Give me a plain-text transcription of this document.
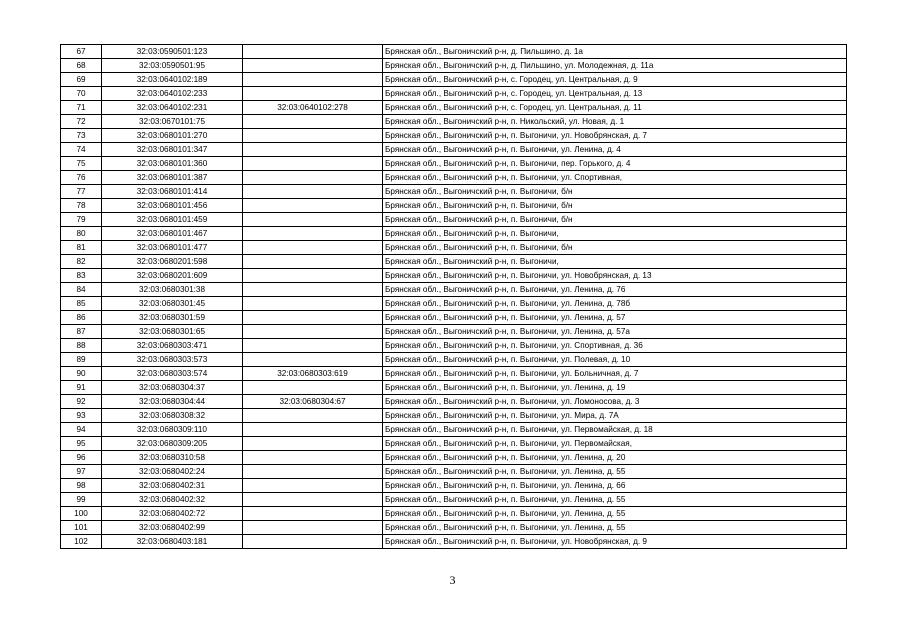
67	32:03:0590501:123		Брянская обл., Выгоничский р-н, д. Пильшино, д. 1а
68	32:03:0590501:95		Брянская обл., Выгоничский р-н, д. Пильшино, ул. Молодежная, д. 11а
69	32:03:0640102:189		Брянская обл., Выгоничский р-н, с. Городец, ул. Центральная, д. 9
70	32:03:0640102:233		Брянская обл., Выгоничский р-н, с. Городец, ул. Центральная, д. 13
71	32:03:0640102:231	32:03:0640102:278	Брянская обл., Выгоничский р-н, с. Городец, ул. Центральная, д. 11
72	32:03:0670101:75		Брянская обл., Выгоничский р-н, п. Никольский, ул. Новая, д. 1
73	32:03:0680101:270		Брянская обл., Выгоничский р-н, п. Выгоничи, ул. Новобрянская, д. 7
74	32:03:0680101:347		Брянская обл., Выгоничский р-н, п. Выгоничи, ул. Ленина, д. 4
75	32:03:0680101:360		Брянская обл., Выгоничский р-н, п. Выгоничи, пер. Горького, д. 4
76	32:03:0680101:387		Брянская обл., Выгоничский р-н, п. Выгоничи, ул. Спортивная,
77	32:03:0680101:414		Брянская обл., Выгоничский р-н, п. Выгоничи, б/н
78	32:03:0680101:456		Брянская обл., Выгоничский р-н, п. Выгоничи, б/н
79	32:03:0680101:459		Брянская обл., Выгоничский р-н, п. Выгоничи, б/н
80	32:03:0680101:467		Брянская обл., Выгоничский р-н, п. Выгоничи,
81	32:03:0680101:477		Брянская обл., Выгоничский р-н, п. Выгоничи, б/н
82	32:03:0680201:598		Брянская обл., Выгоничский р-н, п. Выгоничи,
83	32:03:0680201:609		Брянская обл., Выгоничский р-н, п. Выгоничи, ул. Новобрянская, д. 13
84	32:03:0680301:38		Брянская обл., Выгоничский р-н, п. Выгоничи, ул. Ленина, д. 76
85	32:03:0680301:45		Брянская обл., Выгоничский р-н, п. Выгоничи, ул. Ленина, д. 78б
86	32:03:0680301:59		Брянская обл., Выгоничский р-н, п. Выгоничи, ул. Ленина, д. 57
87	32:03:0680301:65		Брянская обл., Выгоничский р-н, п. Выгоничи, ул. Ленина, д. 57а
88	32:03:0680303:471		Брянская обл., Выгоничский р-н, п. Выгоничи, ул. Спортивная, д. 36
89	32:03:0680303:573		Брянская обл., Выгоничский р-н, п. Выгоничи, ул. Полевая, д. 10
90	32:03:0680303:574	32:03:0680303:619	Брянская обл., Выгоничский р-н, п. Выгоничи, ул. Больничная, д. 7
91	32:03:0680304:37		Брянская обл., Выгоничский р-н, п. Выгоничи, ул. Ленина, д. 19
92	32:03:0680304:44	32:03:0680304:67	Брянская обл., Выгоничский р-н, п. Выгоничи, ул. Ломоносова, д. 3
93	32:03:0680308:32		Брянская обл., Выгоничский р-н, п. Выгоничи, ул. Мира, д. 7А
94	32:03:0680309:110		Брянская обл., Выгоничский р-н, п. Выгоничи, ул. Первомайская, д. 18
95	32:03:0680309:205		Брянская обл., Выгоничский р-н, п. Выгоничи, ул. Первомайская,
96	32:03:0680310:58		Брянская обл., Выгоничский р-н, п. Выгоничи, ул. Ленина, д. 20
97	32:03:0680402:24		Брянская обл., Выгоничский р-н, п. Выгоничи, ул. Ленина, д. 55
98	32:03:0680402:31		Брянская обл., Выгоничский р-н, п. Выгоничи, ул. Ленина, д. 66
99	32:03:0680402:32		Брянская обл., Выгоничский р-н, п. Выгоничи, ул. Ленина, д. 55
100	32:03:0680402:72		Брянская обл., Выгоничский р-н, п. Выгоничи, ул. Ленина, д. 55
101	32:03:0680402:99		Брянская обл., Выгоничский р-н, п. Выгоничи, ул. Ленина, д. 55
102	32:03:0680403:181		Брянская обл., Выгоничский р-н, п. Выгоничи, ул. Новобрянская, д. 9
3
